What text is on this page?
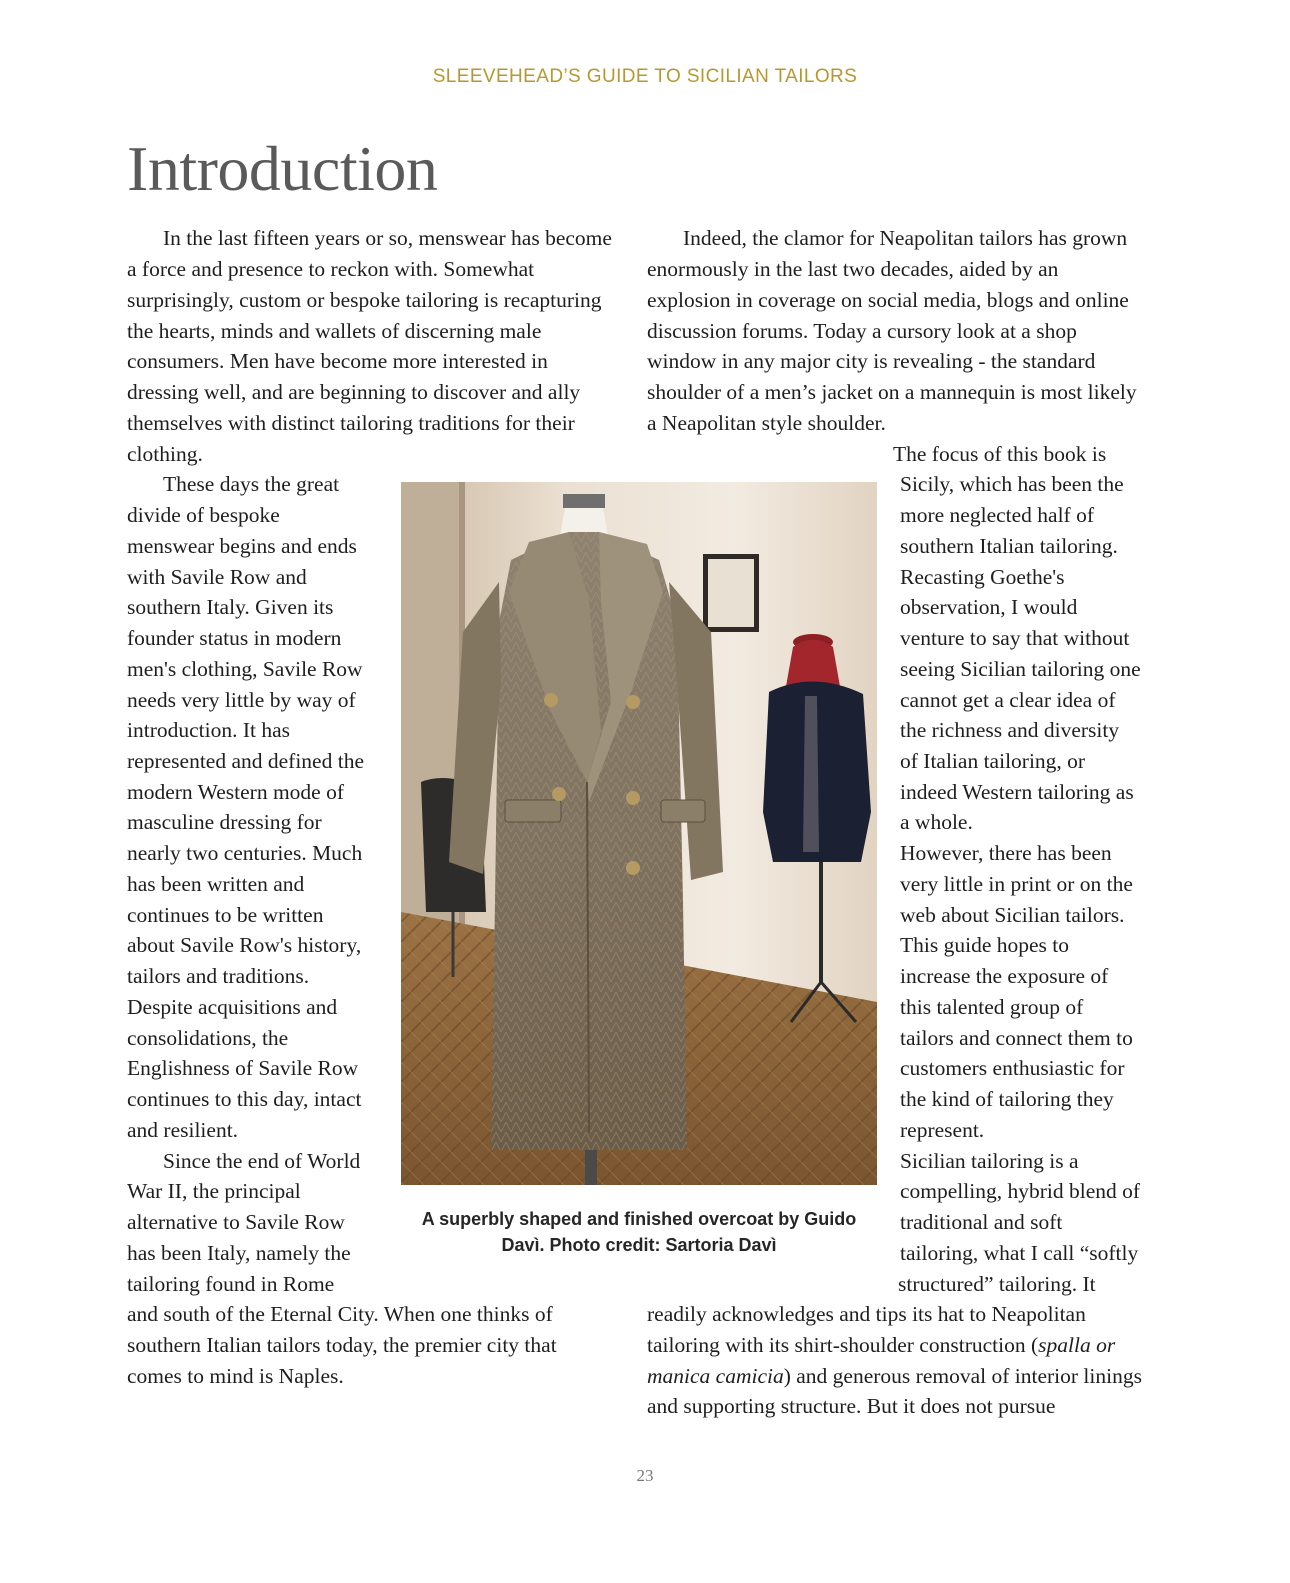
SLEEVEHEAD’S GUIDE TO SICILIAN TAILORS
Introduction
In the last fifteen years or so, menswear has become
a force and presence to reckon with. Somewhat
surprisingly, custom or bespoke tailoring is recapturing
the hearts, minds and wallets of discerning male
consumers. Men have become more interested in
dressing well, and are beginning to discover and ally
themselves with distinct tailoring traditions for their
clothing.
These days the great
divide of bespoke
menswear begins and ends
with Savile Row and
southern Italy. Given its
founder status in modern
men's clothing, Savile Row
needs very little by way of
introduction. It has
represented and defined the
modern Western mode of
masculine dressing for
nearly two centuries. Much
has been written and
continues to be written
about Savile Row's history,
tailors and traditions.
Despite acquisitions and
consolidations, the
Englishness of Savile Row
continues to this day, intact
and resilient.
Since the end of World
War II, the principal
alternative to Savile Row
has been Italy, namely the
tailoring found in Rome
and south of the Eternal City. When one thinks of
southern Italian tailors today, the premier city that
comes to mind is Naples.
Indeed, the clamor for Neapolitan tailors has grown
enormously in the last two decades, aided by an
explosion in coverage on social media, blogs and online
discussion forums. Today a cursory look at a shop
window in any major city is revealing - the standard
shoulder of a men’s jacket on a mannequin is most likely
a Neapolitan style shoulder.
The focus of this book is
Sicily, which has been the
more neglected half of
southern Italian tailoring.
Recasting Goethe's
observation, I would
venture to say that without
seeing Sicilian tailoring one
cannot get a clear idea of
the richness and diversity
of Italian tailoring, or
indeed Western tailoring as
a whole.
However, there has been
very little in print or on the
web about Sicilian tailors.
This guide hopes to
increase the exposure of
this talented group of
tailors and connect them to
customers enthusiastic for
the kind of tailoring they
represent.
Sicilian tailoring is a
compelling, hybrid blend of
traditional and soft
tailoring, what I call “softly
structured” tailoring. It
readily acknowledges and tips its hat to Neapolitan
tailoring with its shirt-shoulder construction (spalla or
manica camicia) and generous removal of interior linings
and supporting structure. But it does not pursue
A superbly shaped and finished overcoat by Guido
Davì. Photo credit: Sartoria Davì
23
